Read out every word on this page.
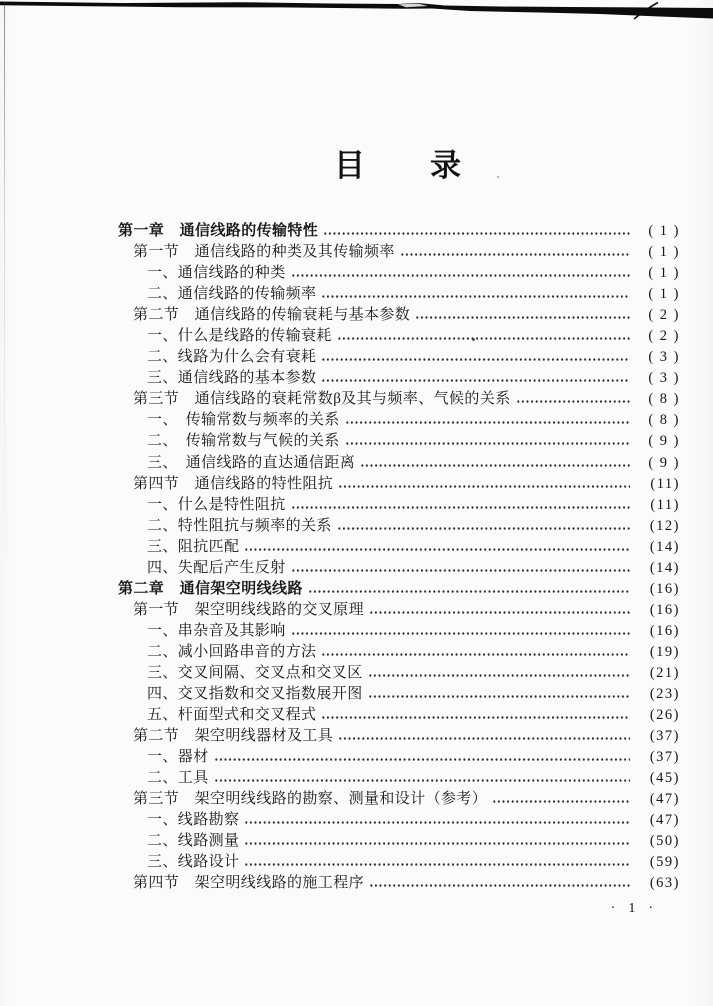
目　　录
第一章　通信线路的传输特性	( 1 )
第一节　通信线路的种类及其传输频率	( 1 )
一、通信线路的种类	( 1 )
二、通信线路的传输频率	( 1 )
第二节　通信线路的传输衰耗与基本参数	( 2 )
一、什么是线路的传输衰耗	( 2 )
二、线路为什么会有衰耗	( 3 )
三、通信线路的基本参数	( 3 )
第三节　通信线路的衰耗常数β及其与频率、气候的关系	( 8 )
一、　传输常数与频率的关系	( 8 )
二、　传输常数与气候的关系	( 9 )
三、　通信线路的直达通信距离	( 9 )
第四节　通信线路的特性阻抗	(11)
一、什么是特性阻抗	(11)
二、特性阻抗与频率的关系	(12)
三、阻抗匹配	(14)
四、失配后产生反射	(14)
第二章　通信架空明线线路	(16)
第一节　架空明线线路的交叉原理	(16)
一、串杂音及其影响	(16)
二、减小回路串音的方法	(19)
三、交叉间隔、交叉点和交叉区	(21)
四、交叉指数和交叉指数展开图	(23)
五、杆面型式和交叉程式	(26)
第二节　架空明线器材及工具	(37)
一、器材	(37)
二、工具	(45)
第三节　架空明线线路的勘察、测量和设计（参考）	(47)
一、线路勘察	(47)
二、线路测量	(50)
三、线路设计	(59)
第四节　架空明线线路的施工程序	(63)
·  1  ·
